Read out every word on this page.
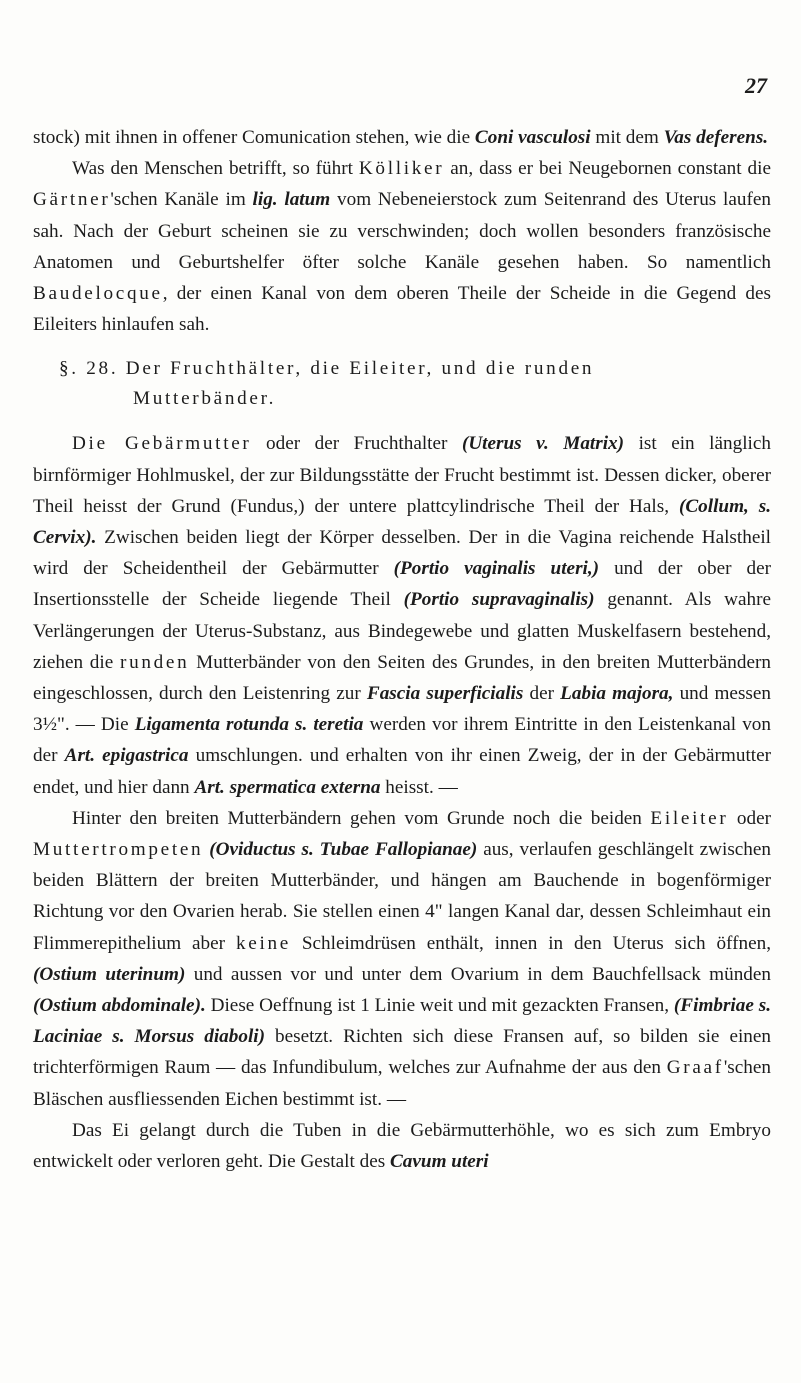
27

stock) mit ihnen in offener Comunication stehen, wie die Coni vasculosi mit dem Vas deferens.

Was den Menschen betrifft, so führt Kölliker an, dass er bei Neugebornen constant die Gärtner'schen Kanäle im lig. latum vom Nebeneierstock zum Seitenrand des Uterus laufen sah. Nach der Geburt scheinen sie zu verschwinden; doch wollen besonders französische Anatomen und Geburtshelfer öfter solche Kanäle gesehen haben. So namentlich Baudelocque, der einen Kanal von dem oberen Theile der Scheide in die Gegend des Eileiters hinlaufen sah.

§. 28. Der Fruchthälter, die Eileiter, und die runden
Mutterbänder.

Die Gebärmutter oder der Fruchthalter (Uterus v. Matrix) ist ein länglich birnförmiger Hohlmuskel, der zur Bildungsstätte der Frucht bestimmt ist. Dessen dicker, oberer Theil heisst der Grund (Fundus,) der untere plattcylindrische Theil der Hals, (Collum, s. Cervix). Zwischen beiden liegt der Körper desselben. Der in die Vagina reichende Halstheil wird der Scheidentheil der Gebärmutter (Portio vaginalis uteri,) und der ober der Insertionsstelle der Scheide liegende Theil (Portio supravaginalis) genannt. Als wahre Verlängerungen der Uterus-Substanz, aus Bindegewebe und glatten Muskelfasern bestehend, ziehen die runden Mutterbänder von den Seiten des Grundes, in den breiten Mutterbändern eingeschlossen, durch den Leistenring zur Fascia superficialis der Labia majora, und messen 3½". — Die Ligamenta rotunda s. teretia werden vor ihrem Eintritte in den Leistenkanal von der Art. epigastrica umschlungen. und erhalten von ihr einen Zweig, der in der Gebärmutter endet, und hier dann Art. spermatica externa heisst. —

Hinter den breiten Mutterbändern gehen vom Grunde noch die beiden Eileiter oder Muttertrompeten (Oviductus s. Tubae Fallopianae) aus, verlaufen geschlängelt zwischen beiden Blättern der breiten Mutterbänder, und hängen am Bauchende in bogenförmiger Richtung vor den Ovarien herab. Sie stellen einen 4" langen Kanal dar, dessen Schleimhaut ein Flimmerepithelium aber keine Schleimdrüsen enthält, innen in den Uterus sich öffnen, (Ostium uterinum) und aussen vor und unter dem Ovarium in dem Bauchfellsack münden (Ostium abdominale). Diese Oeffnung ist 1 Linie weit und mit gezackten Fransen, (Fimbriae s. Laciniae s. Morsus diaboli) besetzt. Richten sich diese Fransen auf, so bilden sie einen trichterförmigen Raum — das Infundibulum, welches zur Aufnahme der aus den Graaf'schen Bläschen ausfliessenden Eichen bestimmt ist. —

Das Ei gelangt durch die Tuben in die Gebärmutterhöhle, wo es sich zum Embryo entwickelt oder verloren geht. Die Gestalt des Cavum uteri
